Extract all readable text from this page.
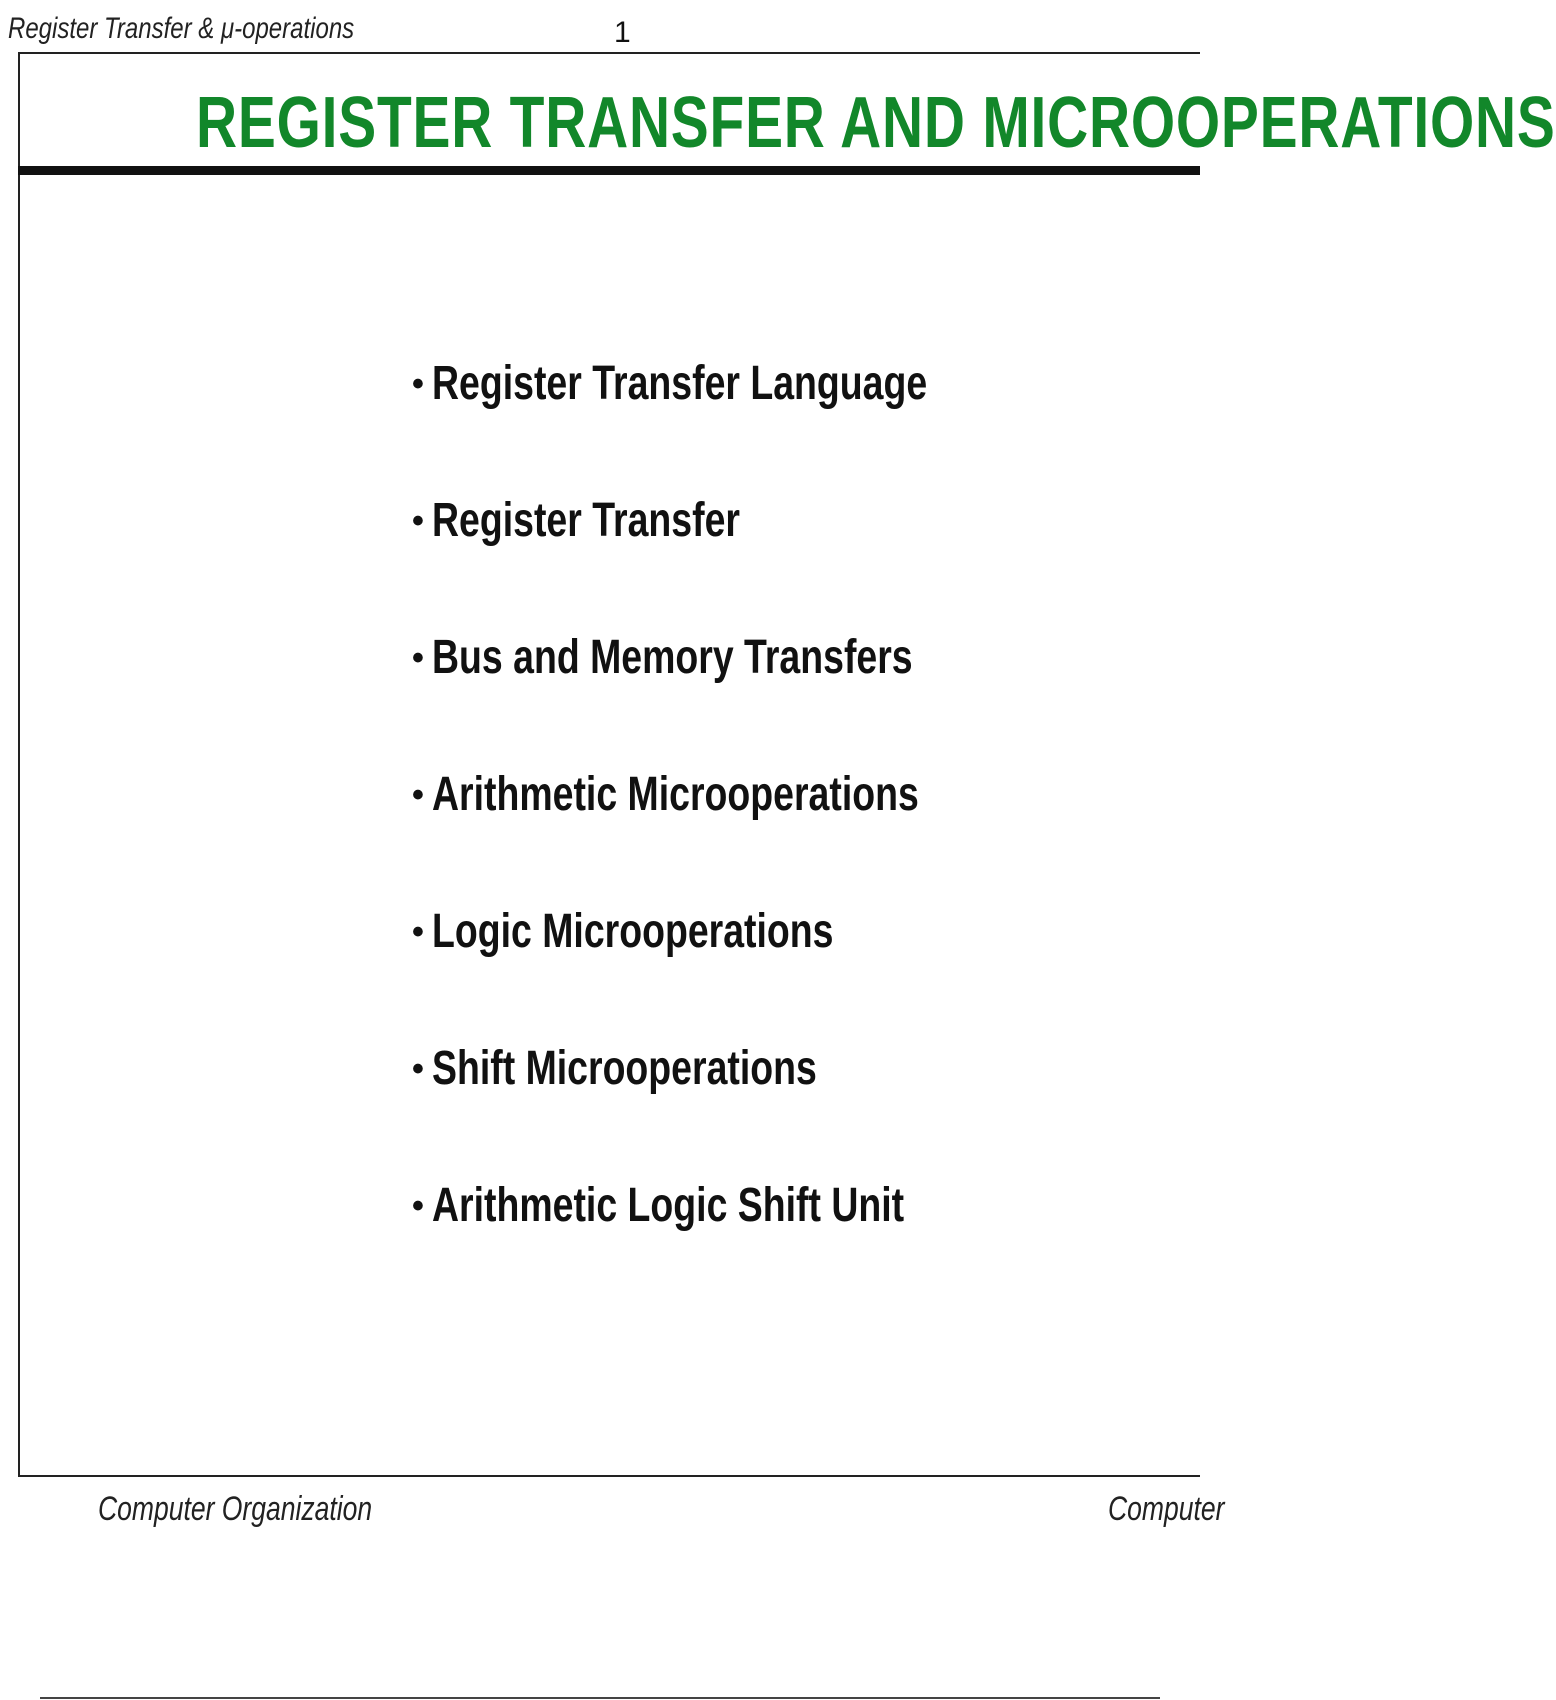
Register Transfer & μ-operations	1
REGISTER TRANSFER AND MICROOPERATIONS
• Register Transfer Language
• Register Transfer
• Bus and Memory Transfers
• Arithmetic Microoperations
• Logic Microoperations
• Shift Microoperations
• Arithmetic Logic Shift Unit
Computer Organization	Computer
